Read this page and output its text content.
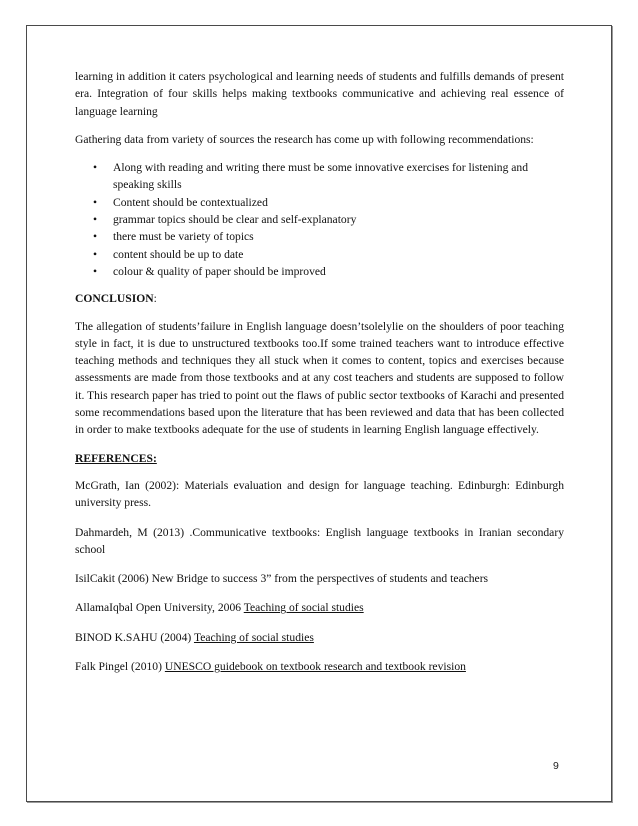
learning in addition it caters psychological and learning needs of students and fulfills demands of present era. Integration of four skills helps making textbooks communicative and achieving real essence of language learning

Gathering data from variety of sources the research has come up with following recommendations:

• Along with reading and writing there must be some innovative exercises for listening and speaking skills
• Content should be contextualized
• grammar topics should be clear and self-explanatory
• there must be variety of topics
• content should be up to date
• colour & quality of paper should be improved
CONCLUSION:

The allegation of students’failure in English language doesn’tsolelylie on the shoulders of poor teaching style in fact, it is due to unstructured textbooks too.If some trained teachers want to introduce effective teaching methods and techniques they all stuck when it comes to content, topics and exercises because assessments are made from those textbooks and at any cost teachers and students are supposed to follow it. This research paper has tried to point out the flaws of public sector textbooks of Karachi and presented some recommendations based upon the literature that has been reviewed and data that has been collected in order to make textbooks adequate for the use of students in learning English language effectively.

REFERENCES:
McGrath, Ian (2002): Materials evaluation and design for language teaching. Edinburgh: Edinburgh university press.
Dahmardeh, M (2013) .Communicative textbooks: English language textbooks in Iranian secondary school
IsilCakit (2006) New Bridge to success 3” from the perspectives of students and teachers
AllamaIqbal Open University, 2006 Teaching of social studies
BINOD K.SAHU (2004) Teaching of social studies
Falk Pingel (2010) UNESCO guidebook on textbook research and textbook revision
9
